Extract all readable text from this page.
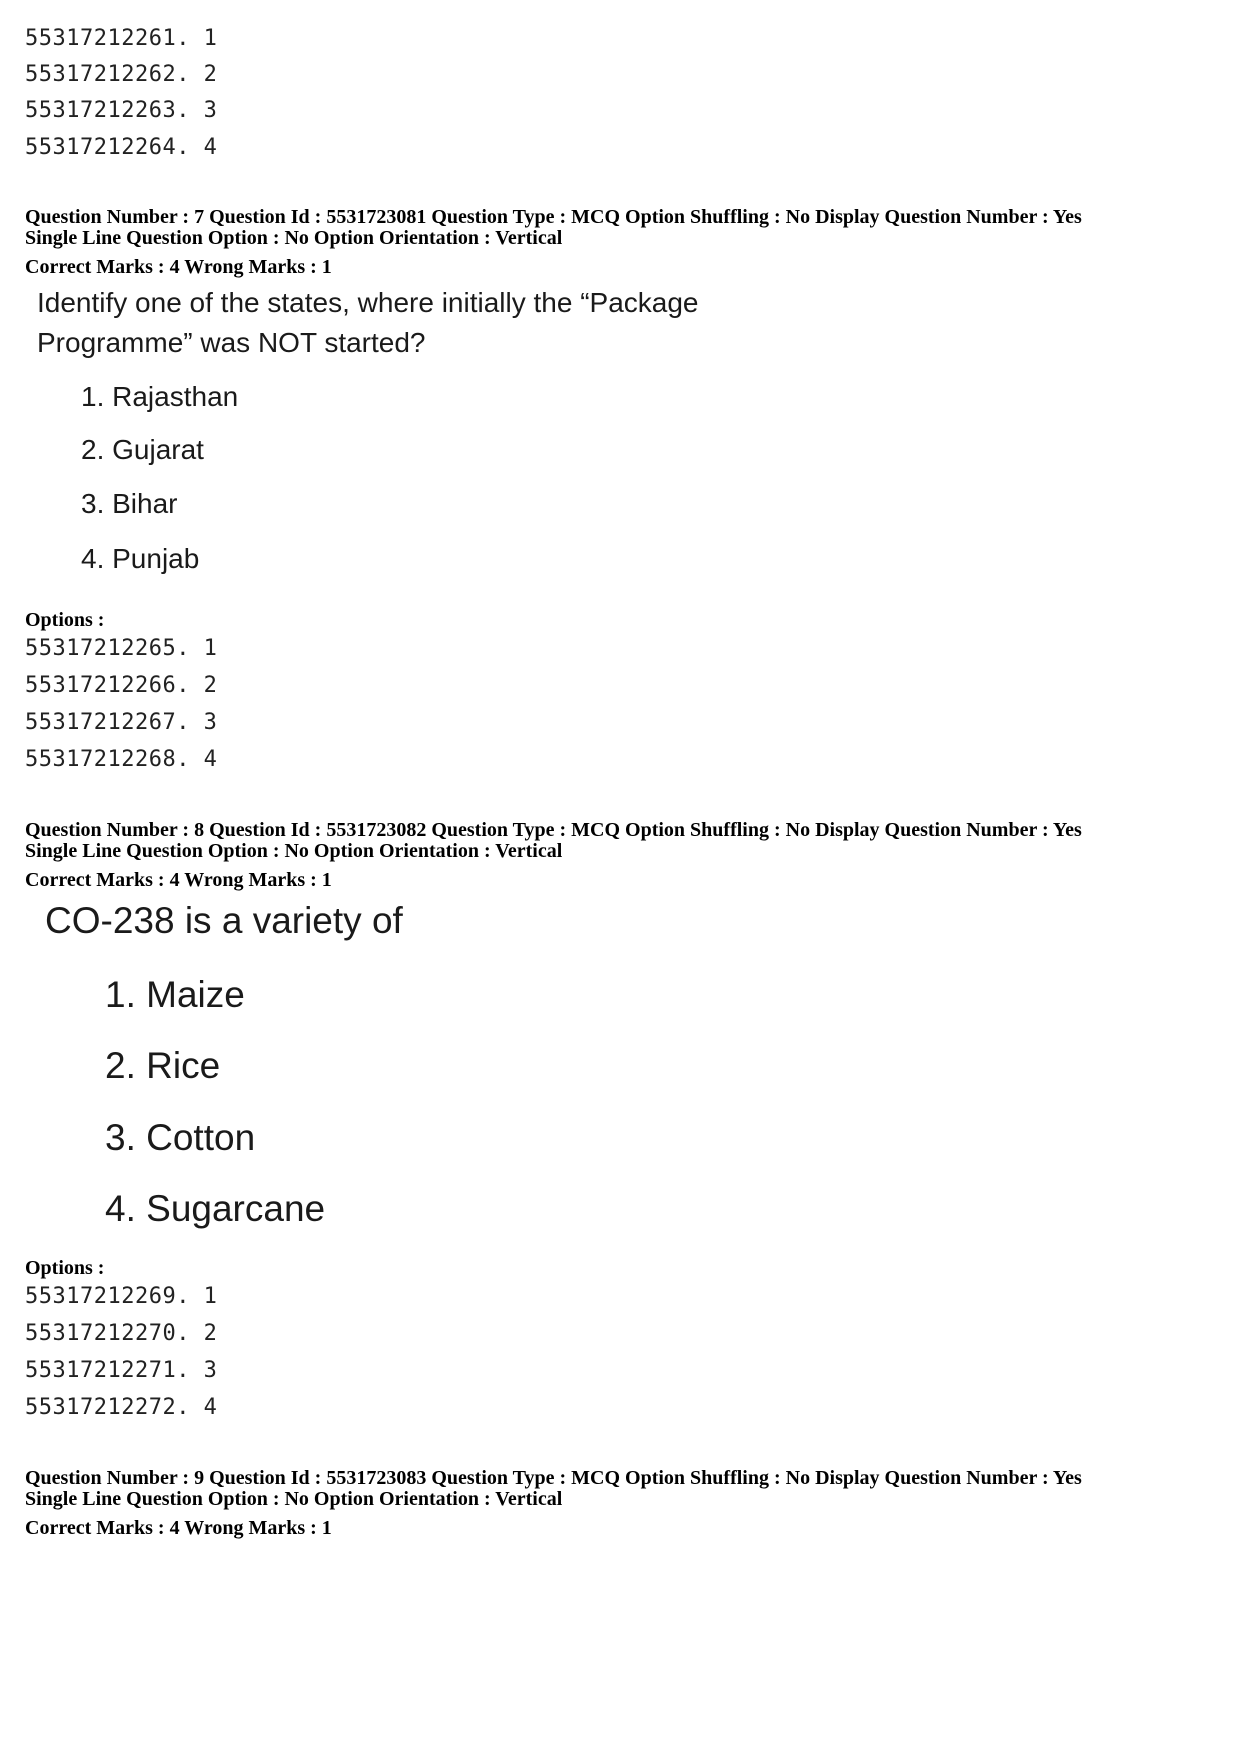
55317212261. 1
55317212262. 2
55317212263. 3
55317212264. 4
Question Number : 7 Question Id : 5531723081 Question Type : MCQ Option Shuffling : No Display Question Number : Yes
Single Line Question Option : No Option Orientation : Vertical
Correct Marks : 4 Wrong Marks : 1
Identify one of the states, where initially the “Package
Programme” was NOT started?
1. Rajasthan
2. Gujarat
3. Bihar
4. Punjab
Options :
55317212265. 1
55317212266. 2
55317212267. 3
55317212268. 4
Question Number : 8 Question Id : 5531723082 Question Type : MCQ Option Shuffling : No Display Question Number : Yes
Single Line Question Option : No Option Orientation : Vertical
Correct Marks : 4 Wrong Marks : 1
CO-238 is a variety of
1. Maize
2. Rice
3. Cotton
4. Sugarcane
Options :
55317212269. 1
55317212270. 2
55317212271. 3
55317212272. 4
Question Number : 9 Question Id : 5531723083 Question Type : MCQ Option Shuffling : No Display Question Number : Yes
Single Line Question Option : No Option Orientation : Vertical
Correct Marks : 4 Wrong Marks : 1
